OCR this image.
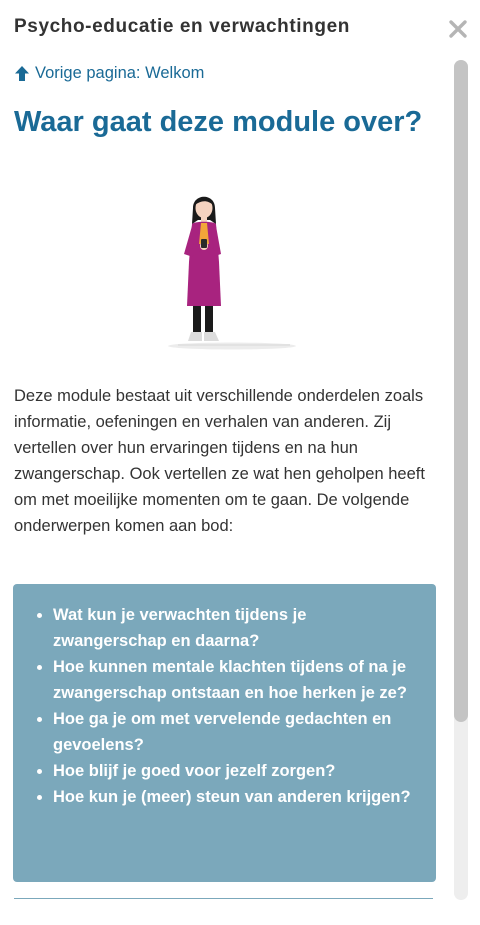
Psycho-educatie en verwachtingen
Vorige pagina: Welkom
Waar gaat deze module over?

Deze module bestaat uit verschillende onderdelen zoals informatie, oefeningen en verhalen van anderen. Zij vertellen over hun ervaringen tijdens en na hun zwangerschap. Ook vertellen ze wat hen geholpen heeft om met moeilijke momenten om te gaan. De volgende onderwerpen komen aan bod:

• Wat kun je verwachten tijdens je zwangerschap en daarna?
• Hoe kunnen mentale klachten tijdens of na je zwangerschap ontstaan en hoe herken je ze?
• Hoe ga je om met vervelende gedachten en gevoelens?
• Hoe blijf je goed voor jezelf zorgen?
• Hoe kun je (meer) steun van anderen krijgen?
